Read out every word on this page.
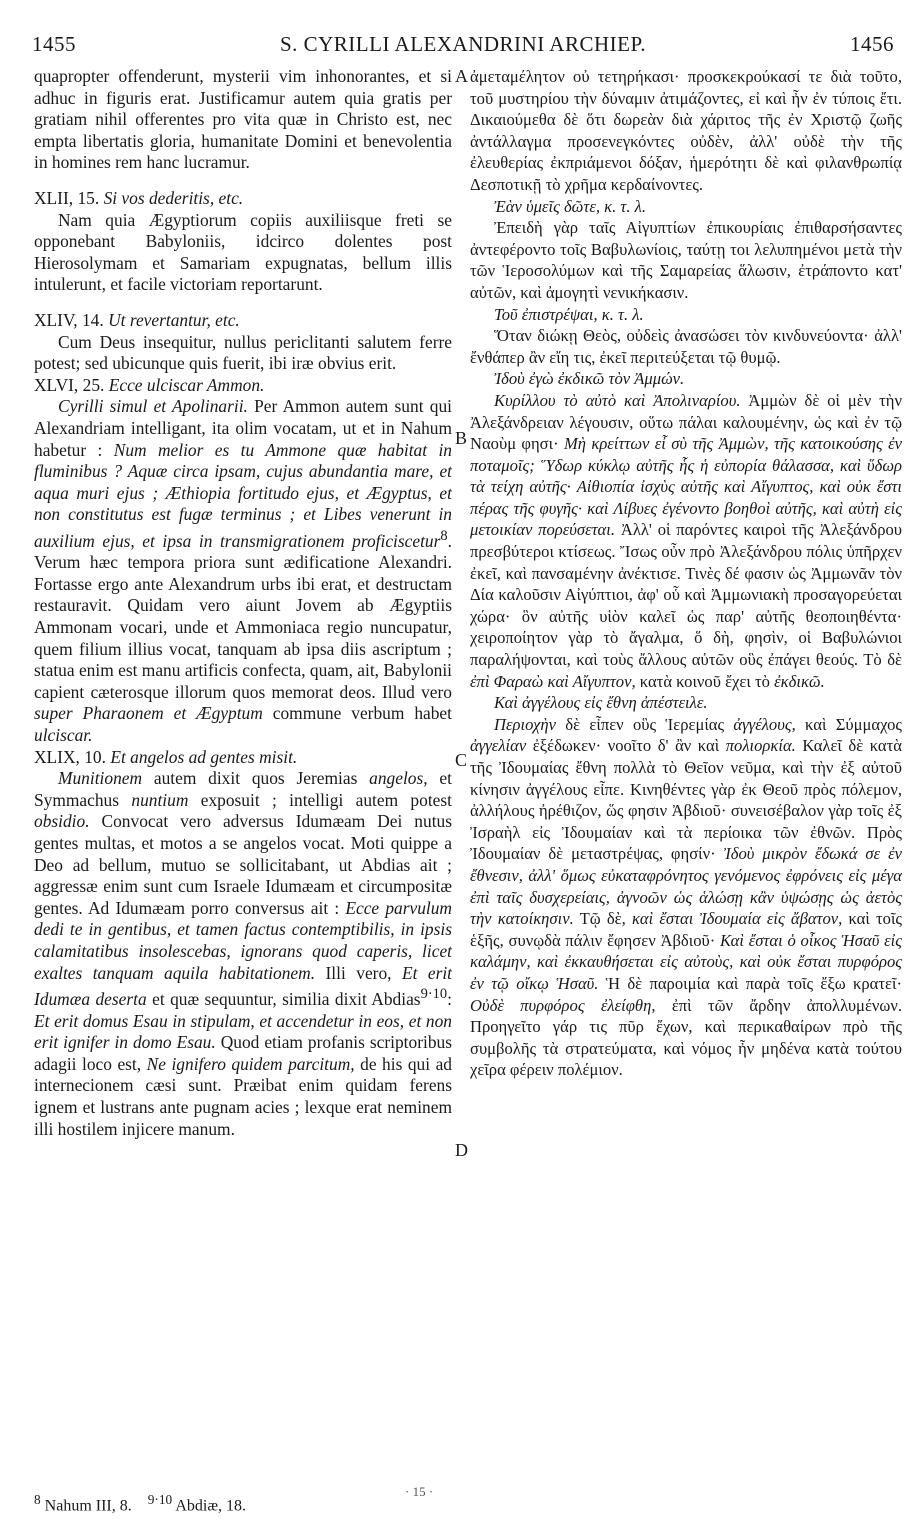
1455	S. CYRILLI ALEXANDRINI ARCHIEP.	1456

quapropter offenderunt, mysterii vim inhonorantes, et si adhuc in figuris erat. Justificamur autem quia gratis per gratiam nihil offerentes pro vita quæ in Christo est, nec empta libertatis gloria, humanitate Domini et benevolentia in homines rem hanc lucramur.

XLII, 15. Si vos dederitis, etc.

Nam quia Ægyptiorum copiis auxiliisque freti se opponebant Babyloniis, idcirco dolentes post Hierosolymam et Samariam expugnatas, bellum illis intulerunt, et facile victoriam reportarunt.

XLIV, 14. Ut revertantur, etc.

Cum Deus insequitur, nullus periclitanti salutem ferre potest; sed ubicunque quis fuerit, ibi iræ obvius erit.

XLVI, 25. Ecce ulciscar Ammon.

Cyrilli simul et Apolinarii. Per Ammon autem sunt qui Alexandriam intelligant, ita olim vocatam, ut et in Nahum habetur : Num melior es tu Ammone quæ habitat in fluminibus ? Aquæ circa ipsam, cujus abundantia mare, et aqua muri ejus ; Æthiopia fortitudo ejus, et Ægyptus, et non constitutus est fugæ terminus ; et Libes venerunt in auxilium ejus, et ipsa in transmigrationem proficiscetur$^8$. Verum hæc tempora priora sunt ædificatione Alexandri. Fortasse ergo ante Alexandrum urbs ibi erat, et destructam restauravit. Quidam vero aiunt Jovem ab Ægyptiis Ammonam vocari, unde et Ammoniaca regio nuncupatur, quem filium illius vocat, tanquam ab ipsa diis ascriptum ; statua enim est manu artificis confecta, quam, ait, Babylonii capient cæterosque illorum quos memorat deos. Illud vero super Pharaonem et Ægyptum commune verbum habet ulciscar.

XLIX, 10. Et angelos ad gentes misit.

Munitionem autem dixit quos Jeremias angelos, et Symmachus nuntium exposuit ; intelligi autem potest obsidio. Convocat vero adversus Idumæam Dei nutus gentes multas, et motos a se angelos vocat. Moti quippe a Deo ad bellum, mutuo se sollicitabant, ut Abdias ait ; aggressæ enim sunt cum Israele Idumæam et circumpositæ gentes. Ad Idumæam porro conversus ait : Ecce parvulum dedi te in gentibus, et tamen factus contemptibilis, in ipsis calamitatibus insolescebas, ignorans quod caperis, licet exaltes tanquam aquila habitationem. Illi vero, Et erit Idumæa deserta et quæ sequuntur, similia dixit Abdias$^{9\cdot 10}$: Et erit domus Esau in stipulam, et accendetur in eos, et non erit ignifer in domo Esau. Quod etiam profanis scriptoribus adagii loco est, Ne ignifero quidem parcitum, de his qui ad internecionem cæsi sunt. Præibat enim quidam ferens ignem et lustrans ante pugnam acies ; lexque erat neminem illi hostilem injicere manum.

A
B
C
D

ἀμεταμέλητον οὐ τετηρήκασι· προσκεκρούκασί τε διὰ τοῦτο, τοῦ μυστηρίου τὴν δύναμιν ἀτιμάζοντες, εἰ καὶ ἦν ἐν τύποις ἔτι. Δικαιούμεθα δὲ ὅτι δωρεὰν διὰ χάριτος τῆς ἐν Χριστῷ ζωῆς ἀντάλλαγμα προσενεγκόντες οὐδὲν, ἀλλ' οὐδὲ τὴν τῆς ἐλευθερίας ἐκπριάμενοι δόξαν, ἡμερότητι δὲ καὶ φιλανθρωπίᾳ Δεσποτικῇ τὸ χρῆμα κερδαίνοντες.

Ἐὰν ὑμεῖς δῶτε, κ. τ. λ.

Ἐπειδὴ γὰρ ταῖς Αἰγυπτίων ἐπικουρίαις ἐπιθαρσήσαντες ἀντεφέροντο τοῖς Βαβυλωνίοις, ταύτῃ τοι λελυπημένοι μετὰ τὴν τῶν Ἱεροσολύμων καὶ τῆς Σαμαρείας ἅλωσιν, ἐτράποντο κατ' αὐτῶν, καὶ ἀμογητὶ νενικήκασιν.

Τοῦ ἐπιστρέψαι, κ. τ. λ.

Ὅταν διώκῃ Θεὸς, οὐδεὶς ἀνασώσει τὸν κινδυνεύοντα· ἀλλ' ἔνθάπερ ἂν εἴη τις, ἐκεῖ περιτεύξεται τῷ θυμῷ.

Ἰδοὺ ἐγὼ ἐκδικῶ τὸν Ἀμμών.

Κυρίλλου τὸ αὐτὸ καὶ Ἀπολιναρίου. Ἀμμὼν δὲ οἱ μὲν τὴν Ἀλεξάνδρειαν λέγουσιν, οὕτω πάλαι καλουμένην, ὡς καὶ ἐν τῷ Ναοὺμ φησι· Μὴ κρείττων εἶ σὺ τῆς Ἀμμὼν, τῆς κατοικούσης ἐν ποταμοῖς; Ὕδωρ κύκλῳ αὐτῆς ἧς ἡ εὐπορία θάλασσα, καὶ ὕδωρ τὰ τείχη αὐτῆς· Αἰθιοπία ἰσχὺς αὐτῆς καὶ Αἴγυπτος, καὶ οὐκ ἔστι πέρας τῆς φυγῆς· καὶ Λίβυες ἐγένοντο βοηθοὶ αὐτῆς, καὶ αὐτὴ εἰς μετοικίαν πορεύσεται. Ἀλλ' οἱ παρόντες καιροὶ τῆς Ἀλεξάνδρου πρεσβύτεροι κτίσεως. Ἴσως οὖν πρὸ Ἀλεξάνδρου πόλις ὑπῆρχεν ἐκεῖ, καὶ πανσαμένην ἀνέκτισε. Τινὲς δέ φασιν ὡς Ἀμμωνᾶν τὸν Δία καλοῦσιν Αἰγύπτιοι, ἀφ' οὗ καὶ Ἀμμωνιακὴ προσαγορεύεται χώρα· ὃν αὐτῆς υἱὸν καλεῖ ὡς παρ' αὐτῆς θεοποιηθέντα· χειροποίητον γὰρ τὸ ἄγαλμα, ὅ δὴ, φησὶν, οἱ Βαβυλώνιοι παραλήψονται, καὶ τοὺς ἄλλους αὐτῶν οὓς ἐπάγει θεούς. Τὸ δὲ ἐπὶ Φαραὼ καὶ Αἴγυπτον, κατὰ κοινοῦ ἔχει τὸ ἐκδικῶ.

Καὶ ἀγγέλους εἰς ἔθνη ἀπέστειλε.

Περιοχὴν δὲ εἶπεν οὓς Ἱερεμίας ἀγγέλους, καὶ Σύμμαχος ἀγγελίαν ἐξέδωκεν· νοοῖτο δ' ἂν καὶ πολιορκία. Καλεῖ δὲ κατὰ τῆς Ἰδουμαίας ἔθνη πολλὰ τὸ Θεῖον νεῦμα, καὶ τὴν ἐξ αὐτοῦ κίνησιν ἀγγέλους εἶπε. Κινηθέντες γὰρ ἐκ Θεοῦ πρὸς πόλεμον, ἀλλήλους ἠρέθιζον, ὥς φησιν Ἀβδιοῦ· συνεισέβαλον γὰρ τοῖς ἐξ Ἰσραὴλ εἰς Ἰδουμαίαν καὶ τὰ περίοικα τῶν ἐθνῶν. Πρὸς Ἰδουμαίαν δὲ μεταστρέψας, φησίν· Ἰδοὺ μικρὸν ἔδωκά σε ἐν ἔθνεσιν, ἀλλ' ὅμως εὐκαταφρόνητος γενόμενος ἐφρόνεις εἰς μέγα ἐπὶ ταῖς δυσχερείαις, ἀγνοῶν ὡς ἁλώσῃ κἂν ὑψώσῃς ὡς ἀετὸς τὴν κατοίκησιν. Τῷ δὲ, καὶ ἔσται Ἰδουμαία εἰς ἄβατον, καὶ τοῖς ἑξῆς, συνῳδὰ πάλιν ἔφησεν Ἀβδιοῦ· Καὶ ἔσται ὁ οἶκος Ἡσαῦ εἰς καλάμην, καὶ ἐκκαυθήσεται εἰς αὐτοὺς, καὶ οὐκ ἔσται πυρφόρος ἐν τῷ οἴκῳ Ἡσαῦ. Ἡ δὲ παροιμία καὶ παρὰ τοῖς ἔξω κρατεῖ· Οὐδὲ πυρφόρος ἐλείφθη, ἐπὶ τῶν ἄρδην ἀπολλυμένων. Προηγεῖτο γάρ τις πῦρ ἔχων, καὶ περικαθαίρων πρὸ τῆς συμβολῆς τὰ στρατεύματα, καὶ νόμος ἦν μηδένα κατὰ τούτου χεῖρα φέρειν πολέμιον.

· 15 ·
$^8$ Nahum III, 8. $^{9\cdot 10}$ Abdiæ, 18.
